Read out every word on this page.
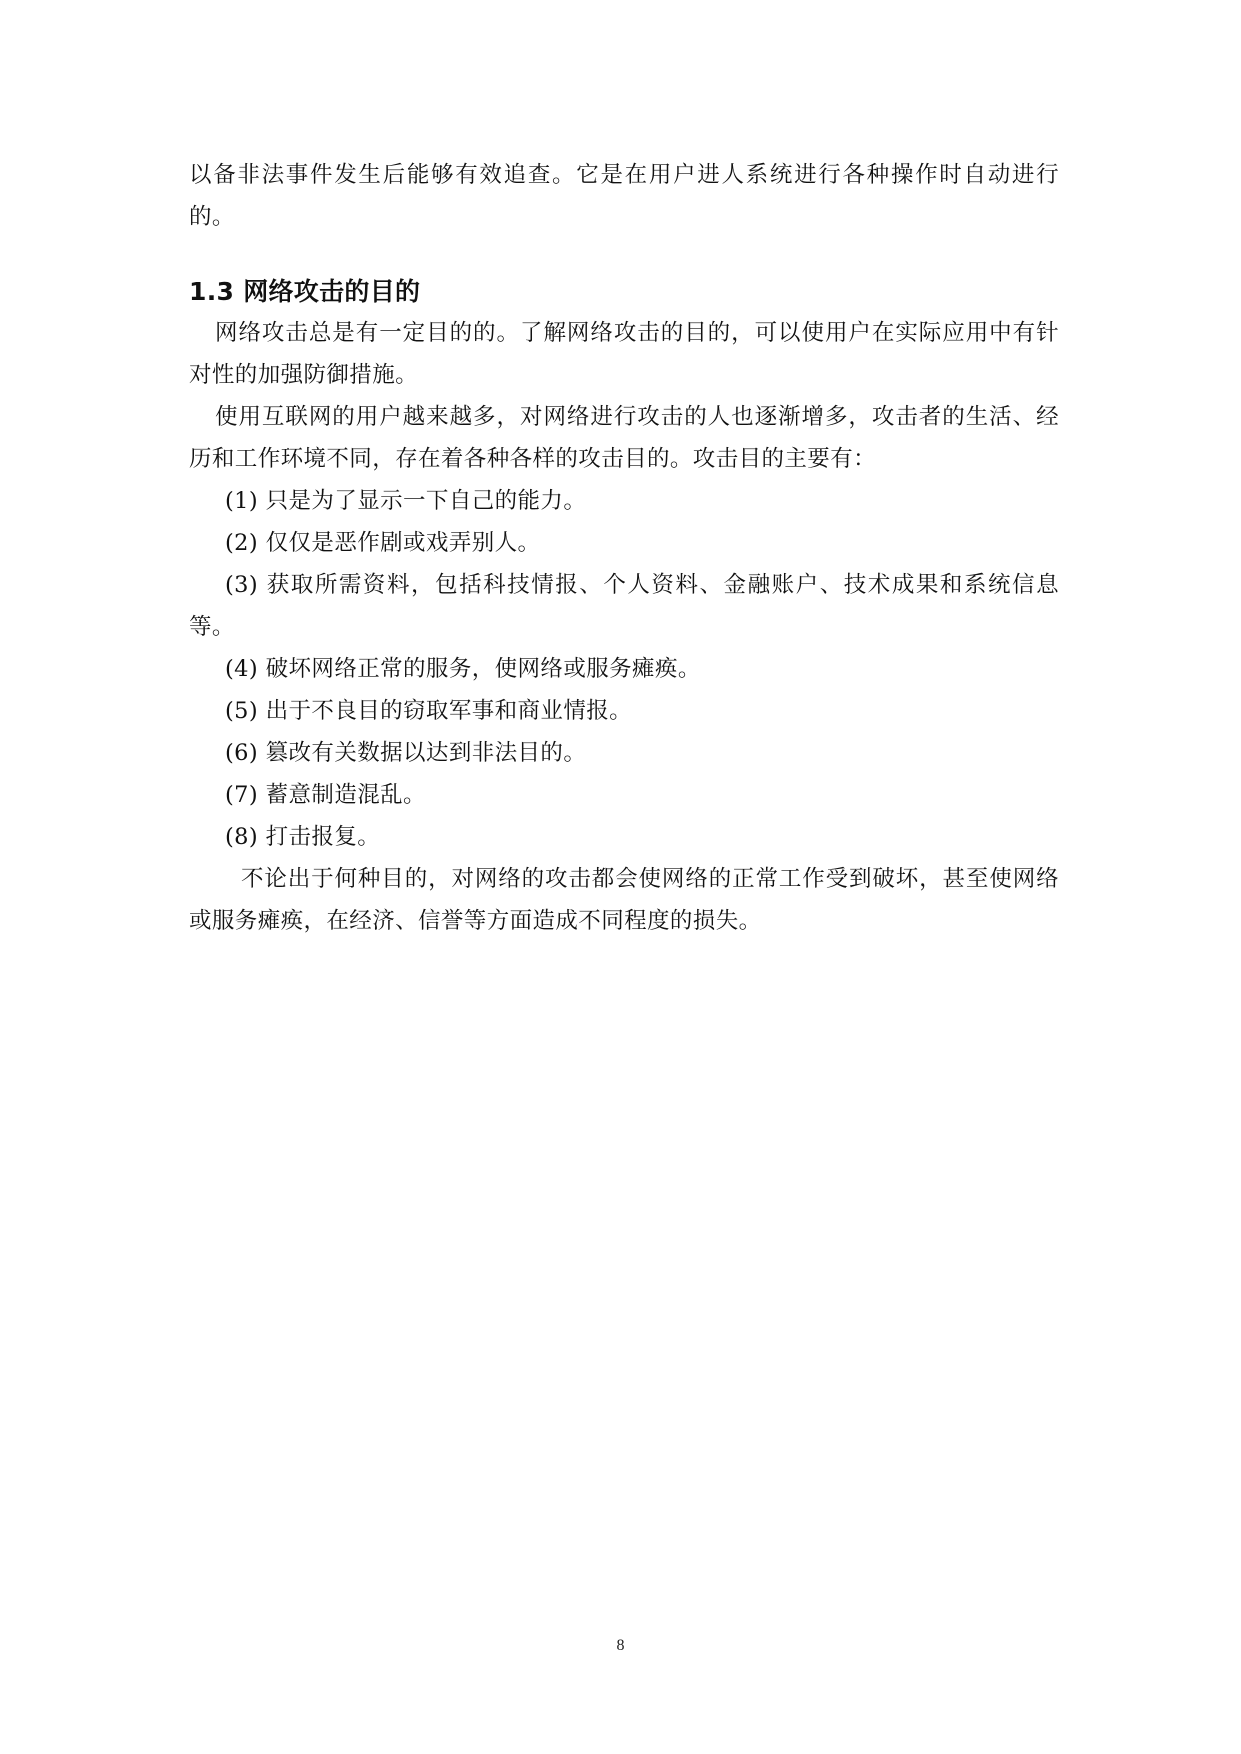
以备非法事件发生后能够有效追查。它是在用户进人系统进行各种操作时自动进行的。

1.3 网络攻击的目的

网络攻击总是有一定目的的。了解网络攻击的目的，可以使用户在实际应用中有针对性的加强防御措施。

使用互联网的用户越来越多，对网络进行攻击的人也逐渐增多，攻击者的生活、经历和工作环境不同，存在着各种各样的攻击目的。攻击目的主要有：

(1) 只是为了显示一下自己的能力。

(2) 仅仅是恶作剧或戏弄别人。

(3) 获取所需资料，包括科技情报、个人资料、金融账户、技术成果和系统信息等。

(4) 破坏网络正常的服务，使网络或服务瘫痪。

(5) 出于不良目的窃取军事和商业情报。

(6) 篡改有关数据以达到非法目的。

(7) 蓄意制造混乱。

(8) 打击报复。

不论出于何种目的，对网络的攻击都会使网络的正常工作受到破坏，甚至使网络或服务瘫痪，在经济、信誉等方面造成不同程度的损失。

8
